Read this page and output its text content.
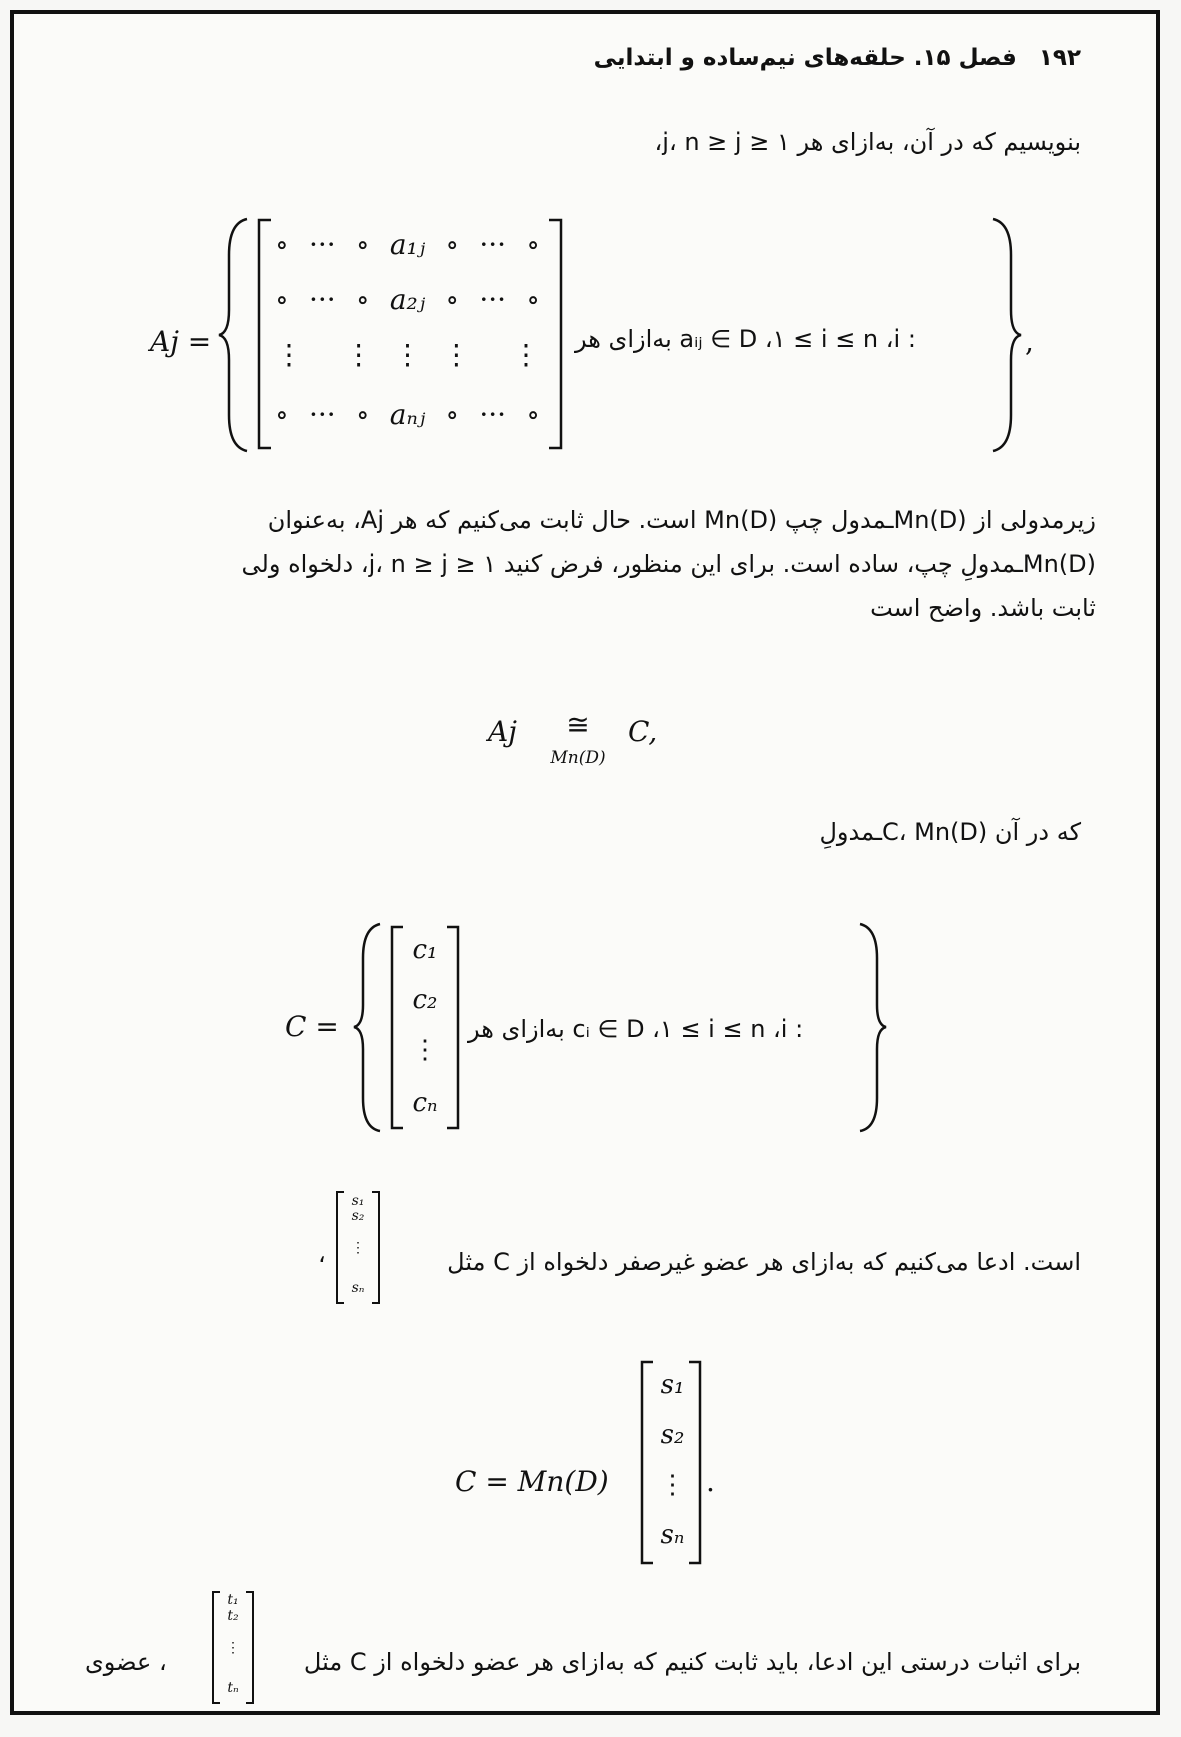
۱۹۲ فصل ۱۵. حلقه‌های نیم‌ساده و ابتدایی
بنویسیم که در آن، به‌ازای هر j، n ≥ j ≥ ۱،
Aj =
∘ ··· ∘ a₁ⱼ ∘ ··· ∘
∘ ··· ∘ a₂ⱼ ∘ ··· ∘
⋮ ⋮ ⋮ ⋮ ⋮
∘ ··· ∘ aₙⱼ ∘ ··· ∘
: aᵢⱼ ∈ D ،۱ ≤ i ≤ n ،i به‌ازای هر	,
زیرمدولی از Mn(D)ـمدول چپ Mn(D) است. حال ثابت می‌کنیم که هر Aj، به‌عنوان
Mn(D)ـمدولِ چپ، ساده است. برای این منظور، فرض کنید j، n ≥ j ≥ ۱، دلخواه ولی
ثابت باشد. واضح است
Aj	≅
Mn(D)
C,
که در آن C، Mn(D)ـمدولِ
C =
c₁
c₂
⋮
cₙ
: cᵢ ∈ D ،۱ ≤ i ≤ n ،i به‌ازای هر
است. ادعا می‌کنیم که به‌ازای هر عضو غیرصفر دلخواه از C مثل
s₁
s₂
⋮
sₙ
،
C = Mn(D)
s₁
s₂
⋮
sₙ
.
برای اثبات درستی این ادعا، باید ثابت کنیم که به‌ازای هر عضو دلخواه از C مثل
t₁
t₂
⋮
tₙ
، عضوی
